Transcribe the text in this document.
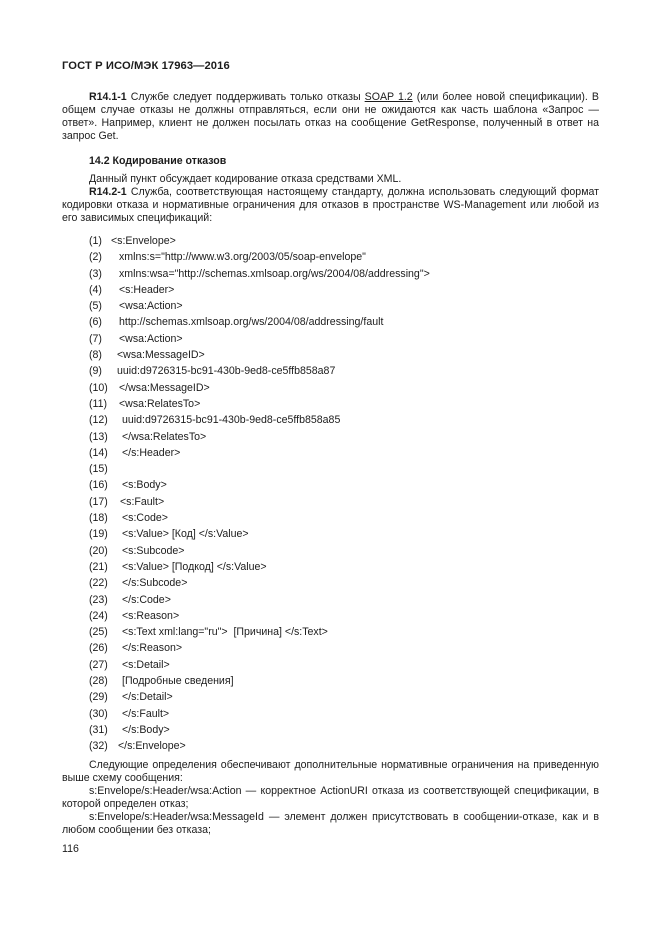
ГОСТ Р ИСО/МЭК 17963—2016
R14.1-1 Службе следует поддерживать только отказы SOAP 1.2 (или более новой спецификации). В общем случае отказы не должны отправляться, если они не ожидаются как часть шаблона «Запрос — ответ». Например, клиент не должен посылать отказ на сообщение GetResponse, полученный в ответ на запрос Get.
14.2 Кодирование отказов
Данный пункт обсуждает кодирование отказа средствами XML.
R14.2-1 Служба, соответствующая настоящему стандарту, должна использовать следующий формат кодировки отказа и нормативные ограничения для отказов в пространстве WS-Management или любой из его зависимых спецификаций:
(1) <s:Envelope>
(2) xmlns:s="http://www.w3.org/2003/05/soap-envelope"
(3) xmlns:wsa="http://schemas.xmlsoap.org/ws/2004/08/addressing">
(4) <s:Header>
(5) <wsa:Action>
(6) http://schemas.xmlsoap.org/ws/2004/08/addressing/fault
(7) <wsa:Action>
(8) <wsa:MessageID>
(9) uuid:d9726315-bc91-430b-9ed8-ce5ffb858a87
(10) </wsa:MessageID>
(11) <wsa:RelatesTo>
(12) uuid:d9726315-bc91-430b-9ed8-ce5ffb858a85
(13) </wsa:RelatesTo>
(14) </s:Header>
(15)
(16) <s:Body>
(17) <s:Fault>
(18) <s:Code>
(19) <s:Value> [Код] </s:Value>
(20) <s:Subcode>
(21) <s:Value> [Подкод] </s:Value>
(22) </s:Subcode>
(23) </s:Code>
(24) <s:Reason>
(25) <s:Text xml:lang="ru">  [Причина] </s:Text>
(26) </s:Reason>
(27) <s:Detail>
(28) [Подробные сведения]
(29) </s:Detail>
(30) </s:Fault>
(31) </s:Body>
(32) </s:Envelope>
Следующие определения обеспечивают дополнительные нормативные ограничения на приведенную выше схему сообщения:
s:Envelope/s:Header/wsa:Action — корректное ActionURI отказа из соответствующей спецификации, в которой определен отказ;
s:Envelope/s:Header/wsa:MessageId — элемент должен присутствовать в сообщении-отказе, как и в любом сообщении без отказа;
116
